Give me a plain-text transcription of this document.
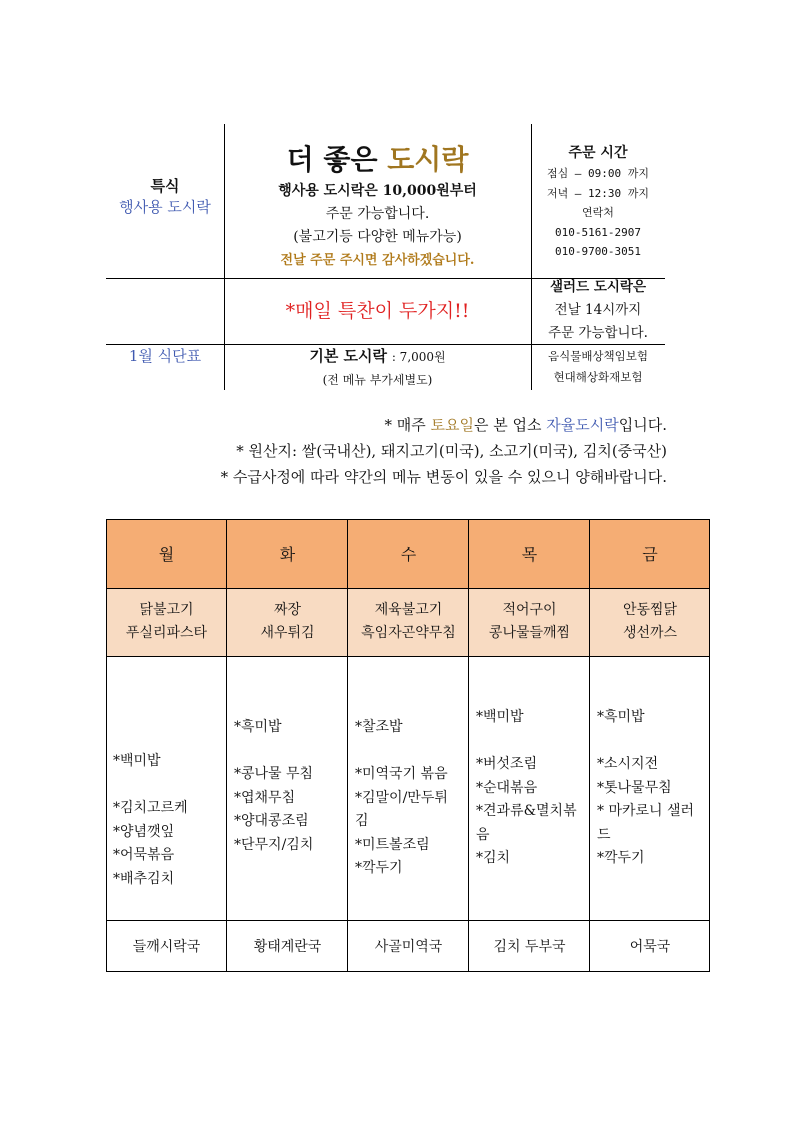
특식
행사용 도시락
더 좋은 도시락
행사용 도시락은 10,000원부터
주문 가능합니다.
(불고기등 다양한 메뉴가능)
전날 주문 주시면 감사하겠습니다.
주문 시간
점심 – 09:00 까지
저녁 – 12:30 까지
연락처
010-5161-2907
010-9700-3051
*매일 특찬이 두가지!!
샐러드 도시락은
전날 14시까지
주문 가능합니다.
1월 식단표	기본 도시락 : 7,000원
(전 메뉴 부가세별도)
음식물배상책임보험
현대해상화재보험
* 매주 토요일은 본 업소 자율도시락입니다.
* 원산지: 쌀(국내산), 돼지고기(미국), 소고기(미국), 김치(중국산)
* 수급사정에 따라 약간의 메뉴 변동이 있을 수 있으니 양해바랍니다.
월
닭불고기
푸실리파스타
*백미밥
*김치고르케
*양념깻잎
*어묵볶음
*배추김치
들깨시락국
화
짜장
새우튀김
*흑미밥
*콩나물 무침
*엽채무침
*양대콩조림
*단무지/김치
황태계란국
수
제육불고기
흑임자곤약무침
*찰조밥
*미역국기 볶음
*김말이/만두튀
김
*미트볼조림
*깍두기
사골미역국
목
적어구이
콩나물들깨찜
*백미밥
*버섯조림
*순대볶음
*견과류&멸치볶
음
*김치
김치 두부국
금
안동찜닭
생선까스
*흑미밥
*소시지전
*톳나물무침
* 마카로니 샐러
드
*깍두기
어묵국
